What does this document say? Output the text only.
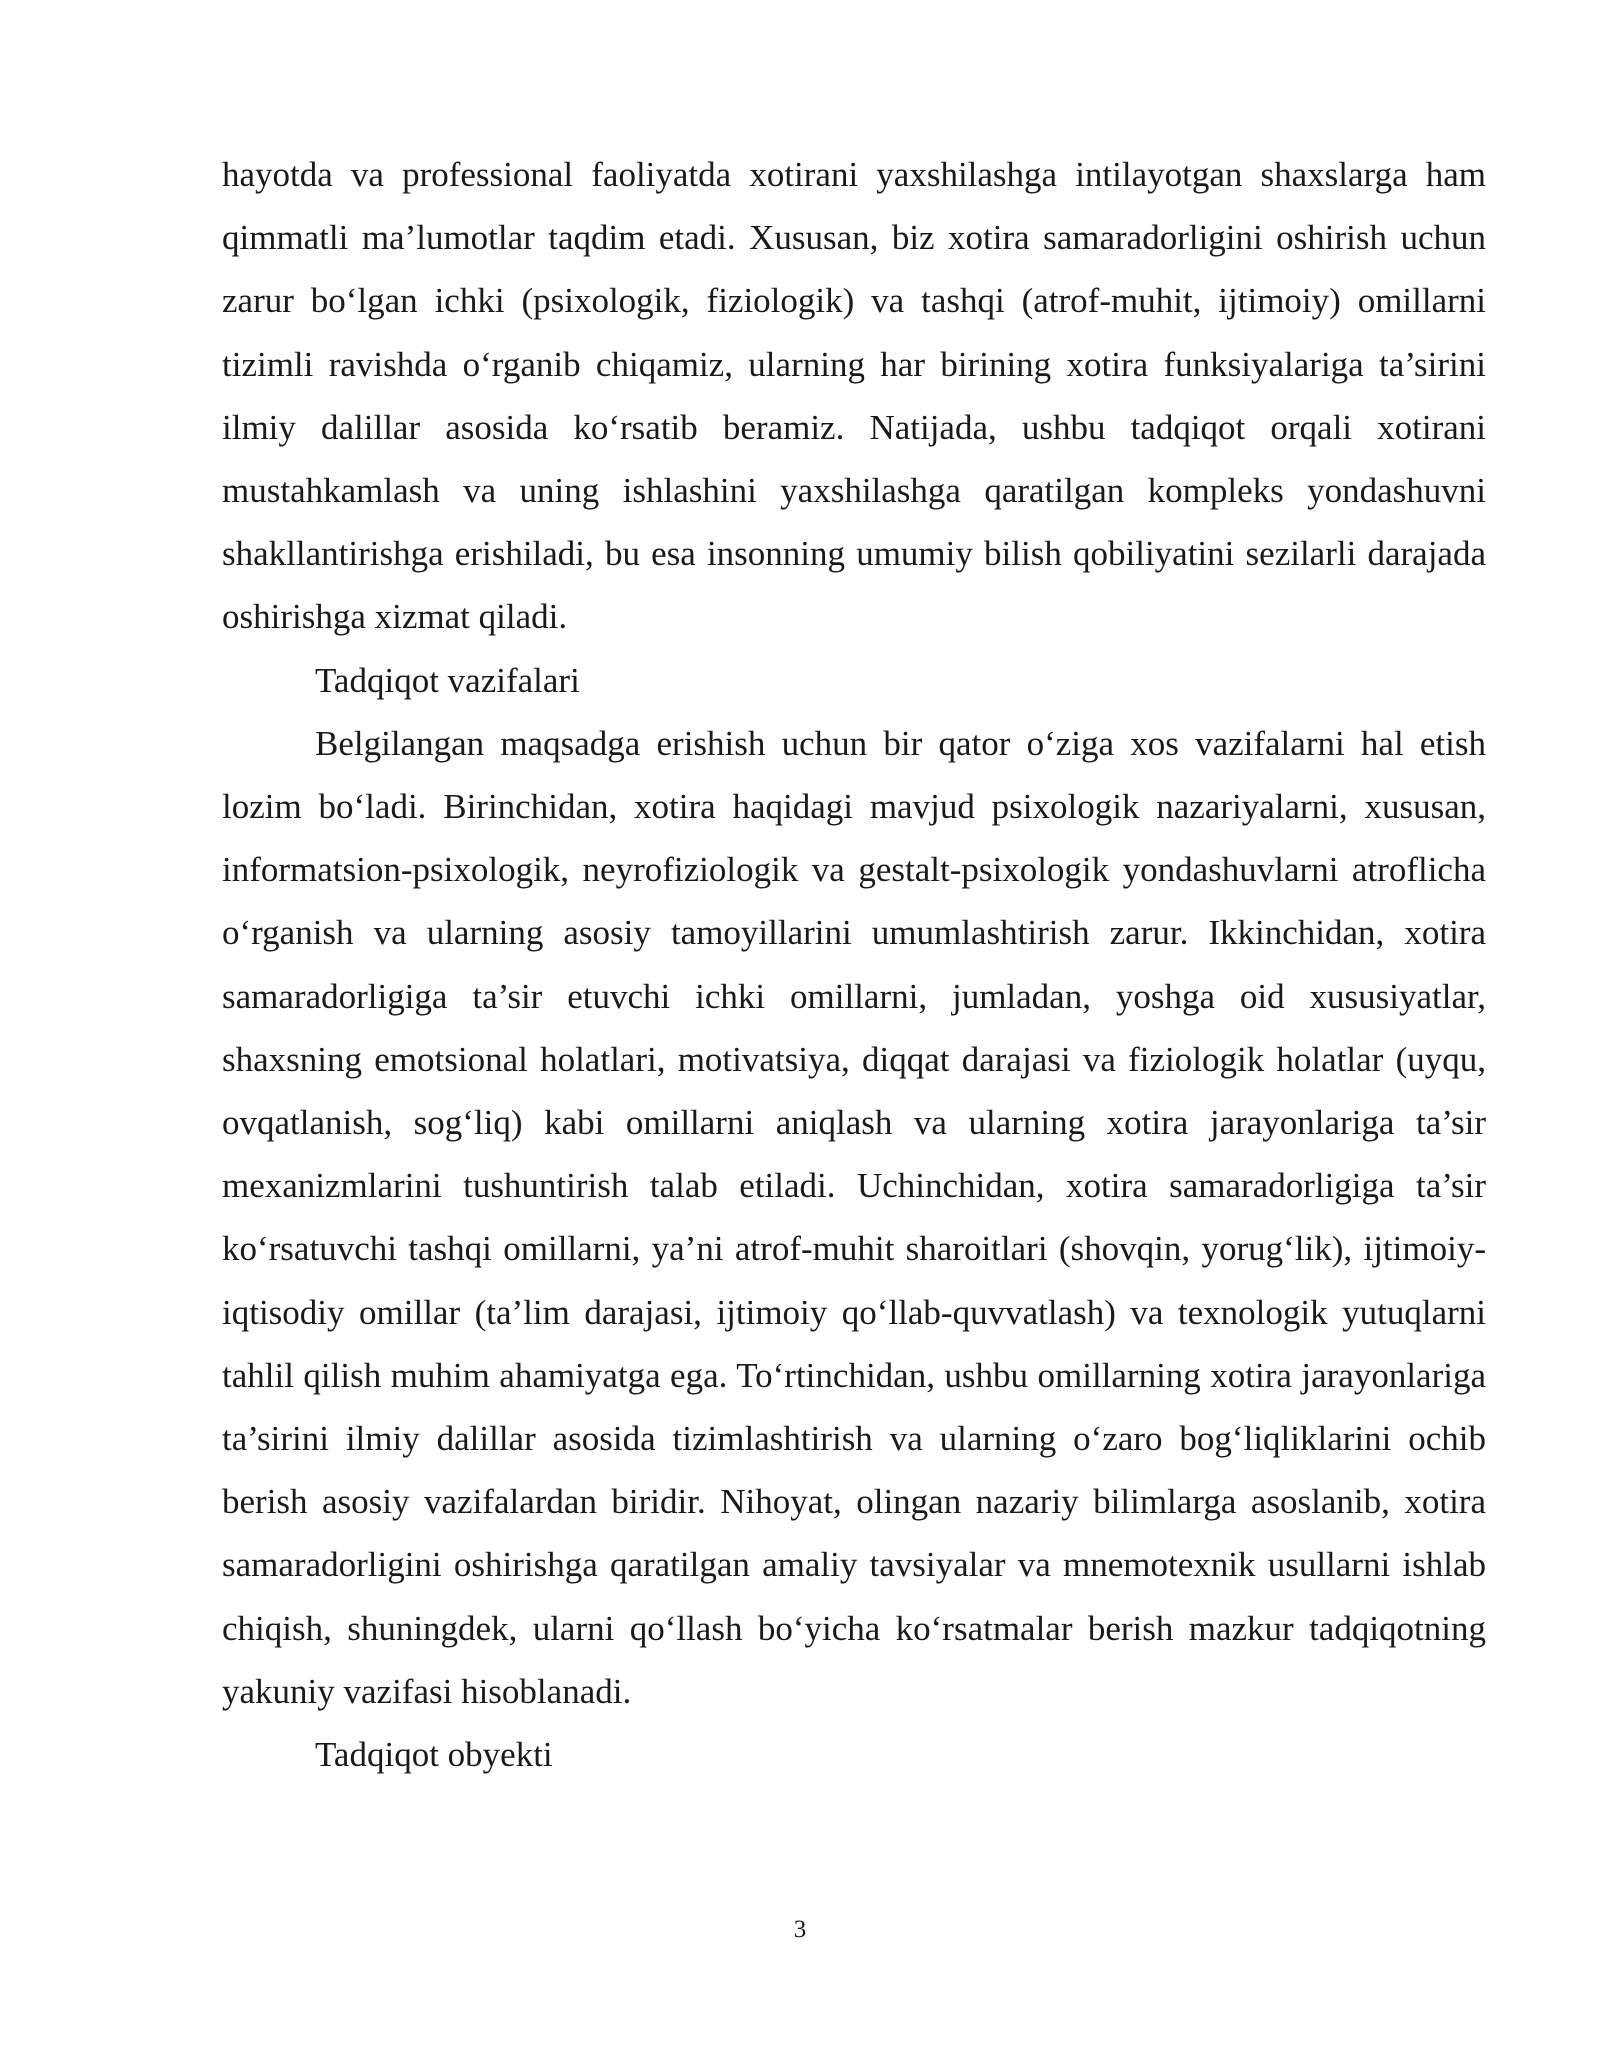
hayotda va professional faoliyatda xotirani yaxshilashga intilayotgan shaxslarga ham qimmatli ma’lumotlar taqdim etadi. Xususan, biz xotira samaradorligini oshirish uchun zarur bo‘lgan ichki (psixologik, fiziologik) va tashqi (atrof-muhit, ijtimoiy) omillarni tizimli ravishda o‘rganib chiqamiz, ularning har birining xotira funksiyalariga ta’sirini ilmiy dalillar asosida ko‘rsatib beramiz. Natijada, ushbu tadqiqot orqali xotirani mustahkamlash va uning ishlashini yaxshilashga qaratilgan kompleks yondashuvni shakllantirishga erishiladi, bu esa insonning umumiy bilish qobiliyatini sezilarli darajada oshirishga xizmat qiladi.

Tadqiqot vazifalari

Belgilangan maqsadga erishish uchun bir qator o‘ziga xos vazifalarni hal etish lozim bo‘ladi. Birinchidan, xotira haqidagi mavjud psixologik nazariyalarni, xususan, informatsion-psixologik, neyrofiziologik va gestalt-psixologik yondashuvlarni atroflicha o‘rganish va ularning asosiy tamoyillarini umumlashtirish zarur. Ikkinchidan, xotira samaradorligiga ta’sir etuvchi ichki omillarni, jumladan, yoshga oid xususiyatlar, shaxsning emotsional holatlari, motivatsiya, diqqat darajasi va fiziologik holatlar (uyqu, ovqatlanish, sog‘liq) kabi omillarni aniqlash va ularning xotira jarayonlariga ta’sir mexanizmlarini tushuntirish talab etiladi. Uchinchidan, xotira samaradorligiga ta’sir ko‘rsatuvchi tashqi omillarni, ya’ni atrof-muhit sharoitlari (shovqin, yorug‘lik), ijtimoiy-iqtisodiy omillar (ta’lim darajasi, ijtimoiy qo‘llab-quvvatlash) va texnologik yutuqlarni tahlil qilish muhim ahamiyatga ega. To‘rtinchidan, ushbu omillarning xotira jarayonlariga ta’sirini ilmiy dalillar asosida tizimlashtirish va ularning o‘zaro bog‘liqliklarini ochib berish asosiy vazifalardan biridir. Nihoyat, olingan nazariy bilimlarga asoslanib, xotira samaradorligini oshirishga qaratilgan amaliy tavsiyalar va mnemotexnik usullarni ishlab chiqish, shuningdek, ularni qo‘llash bo‘yicha ko‘rsatmalar berish mazkur tadqiqotning yakuniy vazifasi hisoblanadi.

Tadqiqot obyekti

3
